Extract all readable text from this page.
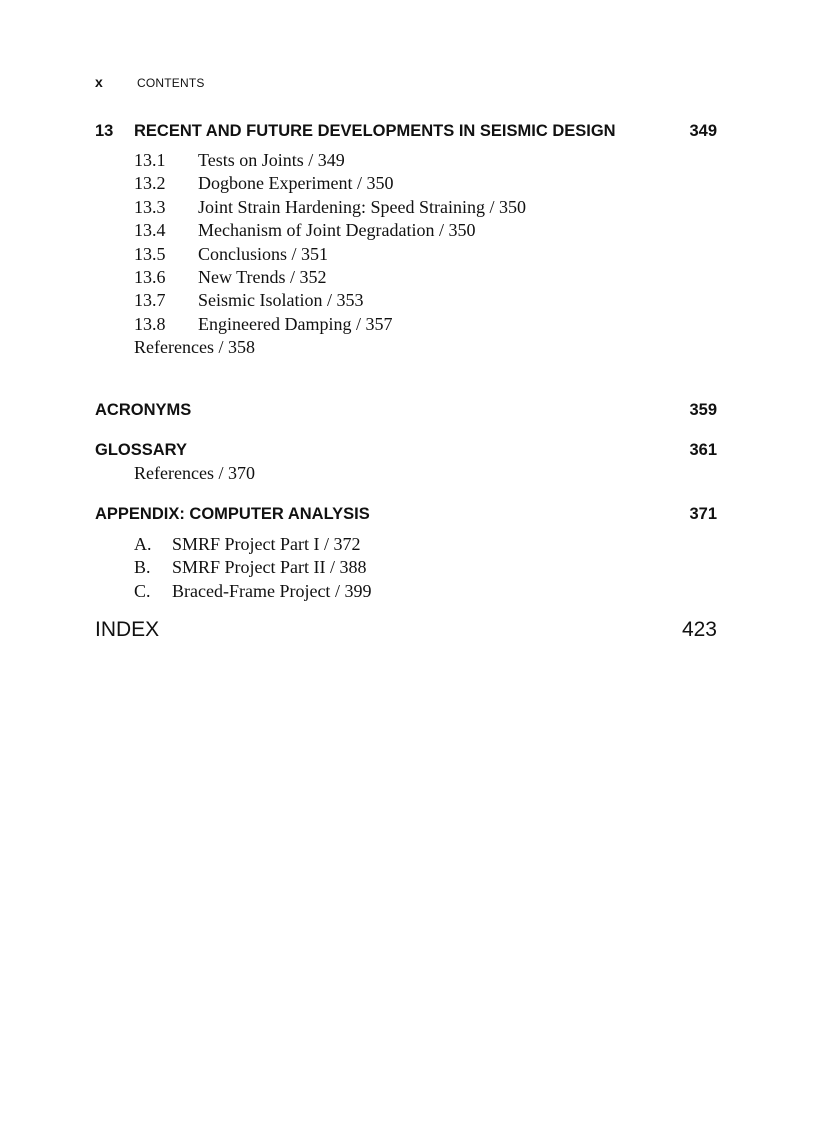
x	CONTENTS
13 RECENT AND FUTURE DEVELOPMENTS IN SEISMIC DESIGN	349
13.1 Tests on Joints / 349
13.2 Dogbone Experiment / 350
13.3 Joint Strain Hardening: Speed Straining / 350
13.4 Mechanism of Joint Degradation / 350
13.5 Conclusions / 351
13.6 New Trends / 352
13.7 Seismic Isolation / 353
13.8 Engineered Damping / 357
References / 358
ACRONYMS	359
GLOSSARY	361
References / 370
APPENDIX: COMPUTER ANALYSIS	371
A. SMRF Project Part I / 372
B. SMRF Project Part II / 388
C. Braced-Frame Project / 399
INDEX	423
